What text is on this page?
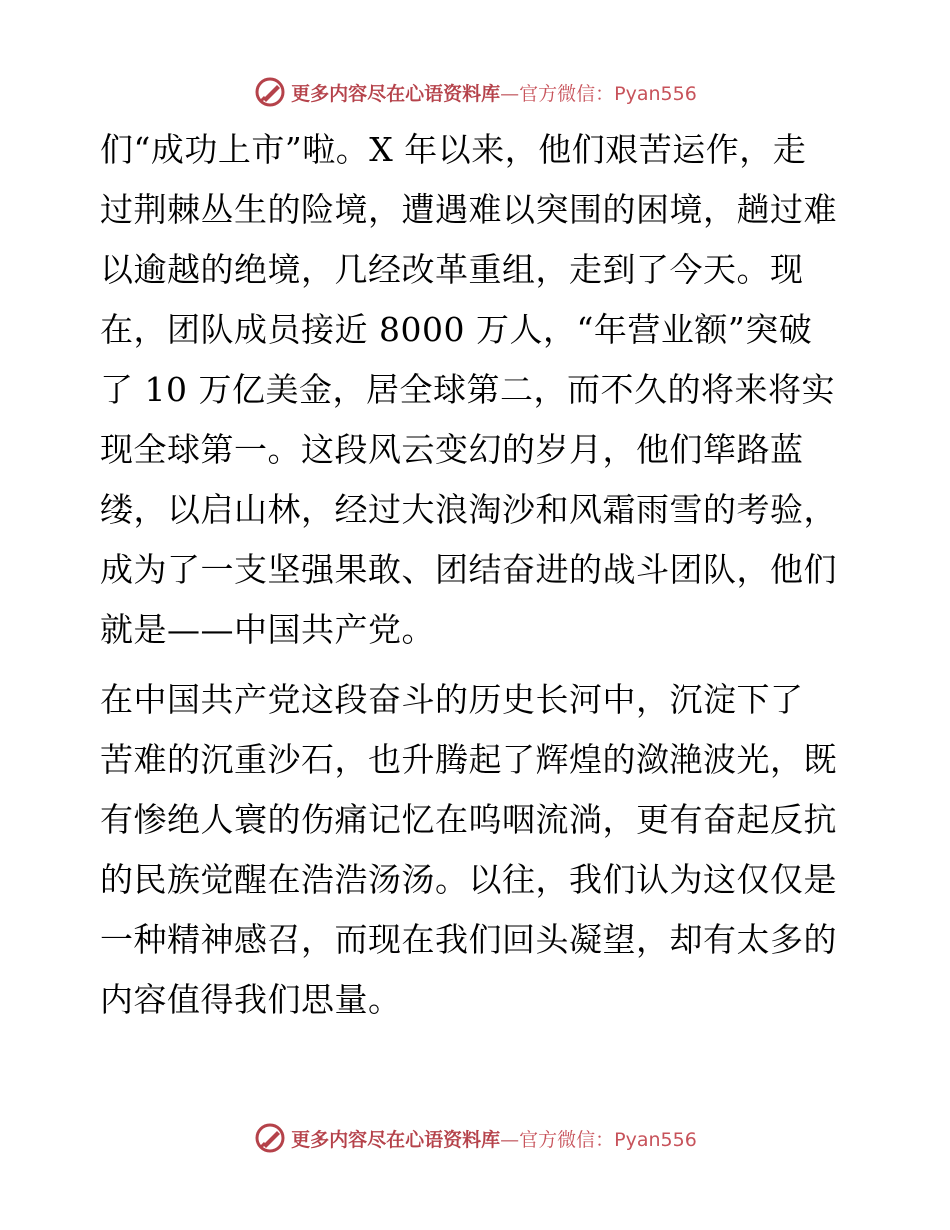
更多内容尽在心语资料库—官方微信：Pyan556
们“成功上市”啦。X 年以来，他们艰苦运作，走
过荆棘丛生的险境，遭遇难以突围的困境，趟过难
以逾越的绝境，几经改革重组，走到了今天。现
在，团队成员接近 8000 万人，“年营业额”突破
了 10 万亿美金，居全球第二，而不久的将来将实
现全球第一。这段风云变幻的岁月，他们筚路蓝
缕，以启山林，经过大浪淘沙和风霜雨雪的考验，
成为了一支坚强果敢、团结奋进的战斗团队，他们
就是——中国共产党。
在中国共产党这段奋斗的历史长河中，沉淀下了
苦难的沉重沙石，也升腾起了辉煌的潋滟波光，既
有惨绝人寰的伤痛记忆在呜咽流淌，更有奋起反抗
的民族觉醒在浩浩汤汤。以往，我们认为这仅仅是
一种精神感召，而现在我们回头凝望，却有太多的
内容值得我们思量。
更多内容尽在心语资料库—官方微信：Pyan556
